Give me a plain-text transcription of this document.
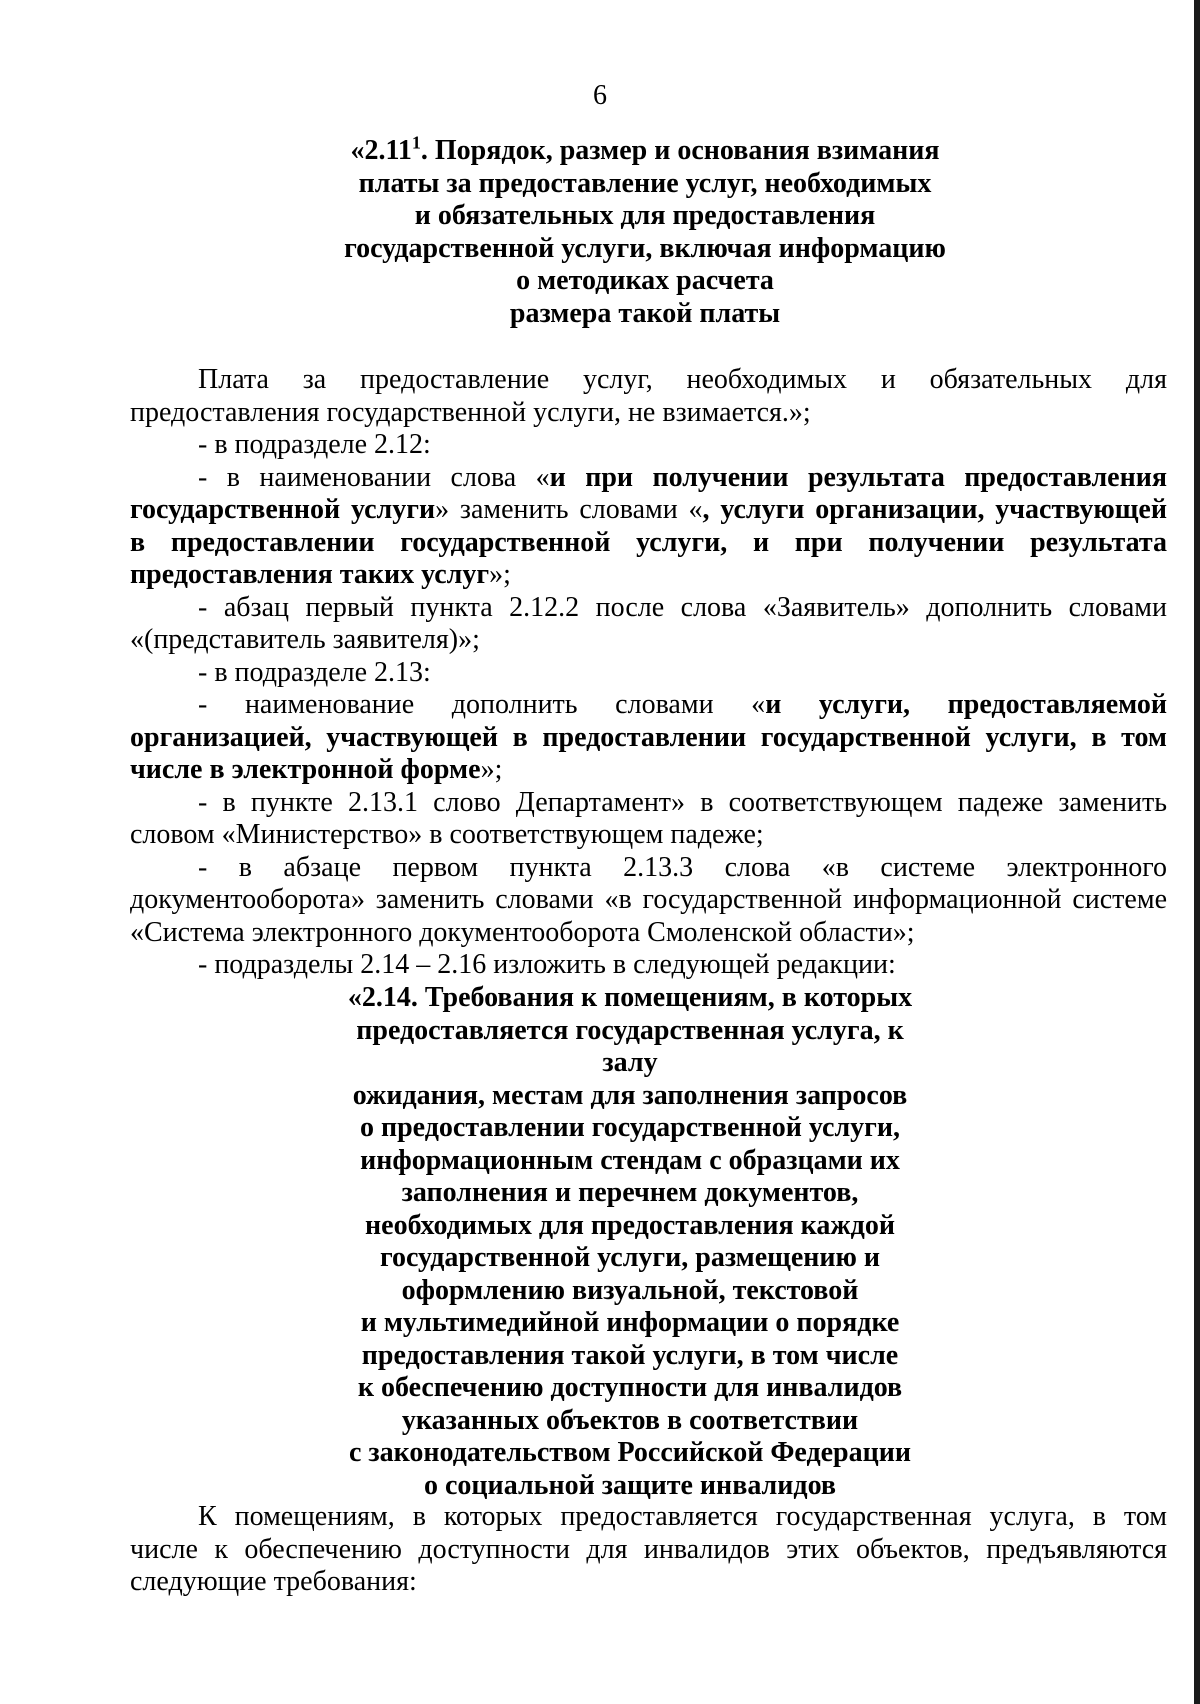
6
«2.11$^1$. Порядок, размер и основания взимания
платы за предоставление услуг, необходимых
и обязательных для предоставления
государственной услуги, включая информацию
о методиках расчета
размера такой платы
Плата за предоставление услуг, необходимых и обязательных для
предоставления государственной услуги, не взимается.»;
- в подразделе 2.12:
- в наименовании слова «и при получении результата предоставления
государственной услуги» заменить словами «, услуги организации, участвующей
в предоставлении государственной услуги, и при получении результата
предоставления таких услуг»;
- абзац первый пункта 2.12.2 после слова «Заявитель» дополнить словами
«(представитель заявителя)»;
- в подразделе 2.13:
- наименование дополнить словами «и услуги, предоставляемой
организацией, участвующей в предоставлении государственной услуги, в том
числе в электронной форме»;
- в пункте 2.13.1 слово Департамент» в соответствующем падеже заменить
словом «Министерство» в соответствующем падеже;
- в абзаце первом пункта 2.13.3 слова «в системе электронного
документооборота» заменить словами «в государственной информационной системе
«Система электронного документооборота Смоленской области»;
- подразделы 2.14 – 2.16 изложить в следующей редакции:
«2.14. Требования к помещениям, в которых
предоставляется государственная услуга, к залу
ожидания, местам для заполнения запросов
о предоставлении государственной услуги,
информационным стендам с образцами их
заполнения и перечнем документов,
необходимых для предоставления каждой
государственной услуги, размещению и
оформлению визуальной, текстовой
и мультимедийной информации о порядке
предоставления такой услуги, в том числе
к обеспечению доступности для инвалидов
указанных объектов в соответствии
с законодательством Российской Федерации
о социальной защите инвалидов
К помещениям, в которых предоставляется государственная услуга, в том
числе к обеспечению доступности для инвалидов этих объектов, предъявляются
следующие требования:
